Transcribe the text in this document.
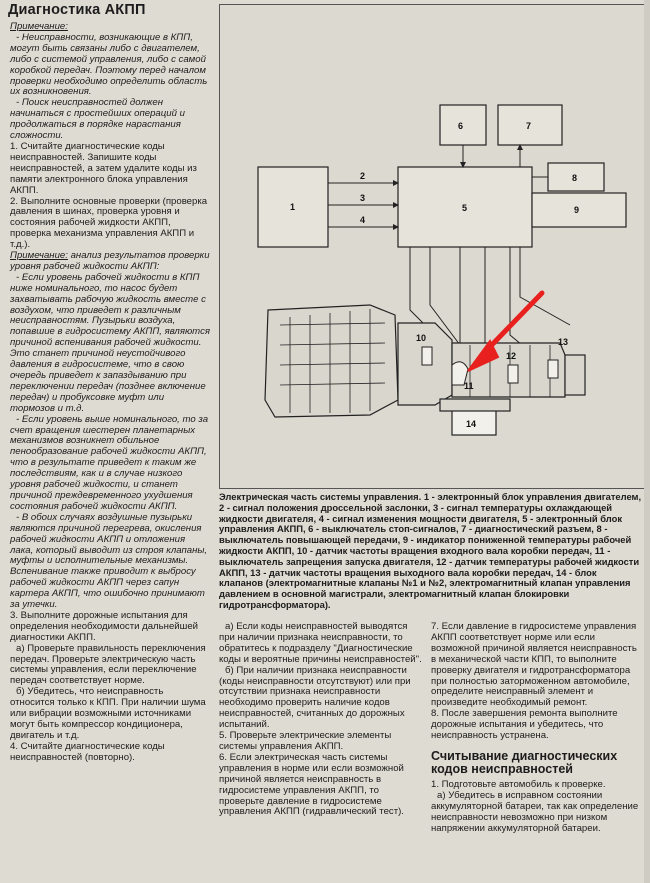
Диагностика АКПП

Примечание:

- Неисправности, возникающие в КПП, могут быть связаны либо с двигателем, либо с системой управления, либо с самой коробкой передач. Поэтому перед началом проверки необходимо определить область их возникновения.

- Поиск неисправностей должен начинаться с простейших операций и продолжаться в порядке нарастания сложности.

1. Считайте диагностические коды неисправностей. Запишите коды неисправностей, а затем удалите коды из памяти электронного блока управления АКПП.

2. Выполните основные проверки (проверка давления в шинах, проверка уровня и состояния рабочей жидкости АКПП, проверка механизма управления АКПП и т.д.).

Примечание: анализ результатов проверки уровня рабочей жидкости АКПП:

- Если уровень рабочей жидкости в КПП ниже номинального, то насос будет захватывать рабочую жидкость вместе с воздухом, что приведет к различным неисправностям. Пузырьки воздуха, попавшие в гидросистему АКПП, являются причиной вспенивания рабочей жидкости. Это станет причиной неустойчивого давления в гидросистеме, что в свою очередь приведет к запаздыванию при переключении передач (позднее включение передач) и пробуксовке муфт или тормозов и т.д.

- Если уровень выше номинального, то за счет вращения шестерен планетарных механизмов возникнет обильное пенообразование рабочей жидкости АКПП, что в результате приведет к таким же последствиям, как и в случае низкого уровня рабочей жидкости, и станет причиной преждевременного ухудшения состояния рабочей жидкости АКПП.

- В обоих случаях воздушные пузырьки являются причиной перегрева, окисления рабочей жидкости АКПП и отложения лака, который выводит из строя клапаны, муфты и исполнительные механизмы. Вспенивание также приводит к выбросу рабочей жидкости АКПП через сапун картера АКПП, что ошибочно принимают за утечки.

3. Выполните дорожные испытания для определения необходимости дальнейшей диагностики АКПП.

а) Проверьте правильность переключения передач. Проверьте электрическую часть системы управления, если переключение передач соответствует норме.

б) Убедитесь, что неисправность относится только к КПП. При наличии шума или вибрации возможными источниками могут быть компрессор кондиционера, двигатель и т.д.

4. Считайте диагностические коды неисправностей (повторно).

1
2
3
4
5
6	7
8
9
10
11
12
13
14
Электрическая часть системы управления. 1 - электронный блок управления двигателем, 2 - сигнал положения дроссельной заслонки, 3 - сигнал температуры охлаждающей жидкости двигателя, 4 - сигнал изменения мощности двигателя, 5 - электронный блок управления АКПП, 6 - выключатель стоп-сигналов, 7 - диагностический разъем, 8 - выключатель повышающей передачи, 9 - индикатор пониженной температуры рабочей жидкости АКПП, 10 - датчик частоты вращения входного вала коробки передач, 11 - выключатель запрещения запуска двигателя, 12 - датчик температуры рабочей жидкости АКПП, 13 - датчик частоты вращения выходного вала коробки передач, 14 - блок клапанов (электромагнитные клапаны №1 и №2, электромагнитный клапан управления давлением в основной магистрали, электромагнитный клапан блокировки гидротрансформатора).

а) Если коды неисправностей выводятся при наличии признака неисправности, то обратитесь к подразделу "Диагностические коды и вероятные причины неисправностей".

б) При наличии признака неисправности (коды неисправности отсутствуют) или при отсутствии признака неисправности необходимо проверить наличие кодов неисправностей, считанных до дорожных испытаний.

5. Проверьте электрические элементы системы управления АКПП.

6. Если электрическая часть системы управления в норме или если возможной причиной является неисправность в гидросистеме управления АКПП, то проверьте давление в гидросистеме управления АКПП (гидравлический тест).

7. Если давление в гидросистеме управления АКПП соответствует норме или если возможной причиной является неисправность в механической части КПП, то выполните проверку двигателя и гидротрансформатора при полностью заторможенном автомобиле, определите неисправный элемент и произведите необходимый ремонт.

8. После завершения ремонта выполните дорожные испытания и убедитесь, что неисправность устранена.

Считывание диагностических кодов неисправностей

1. Подготовьте автомобиль к проверке.

а) Убедитесь в исправном состоянии аккумуляторной батареи, так как определение неисправности невозможно при низком напряжении аккумуляторной батареи.
